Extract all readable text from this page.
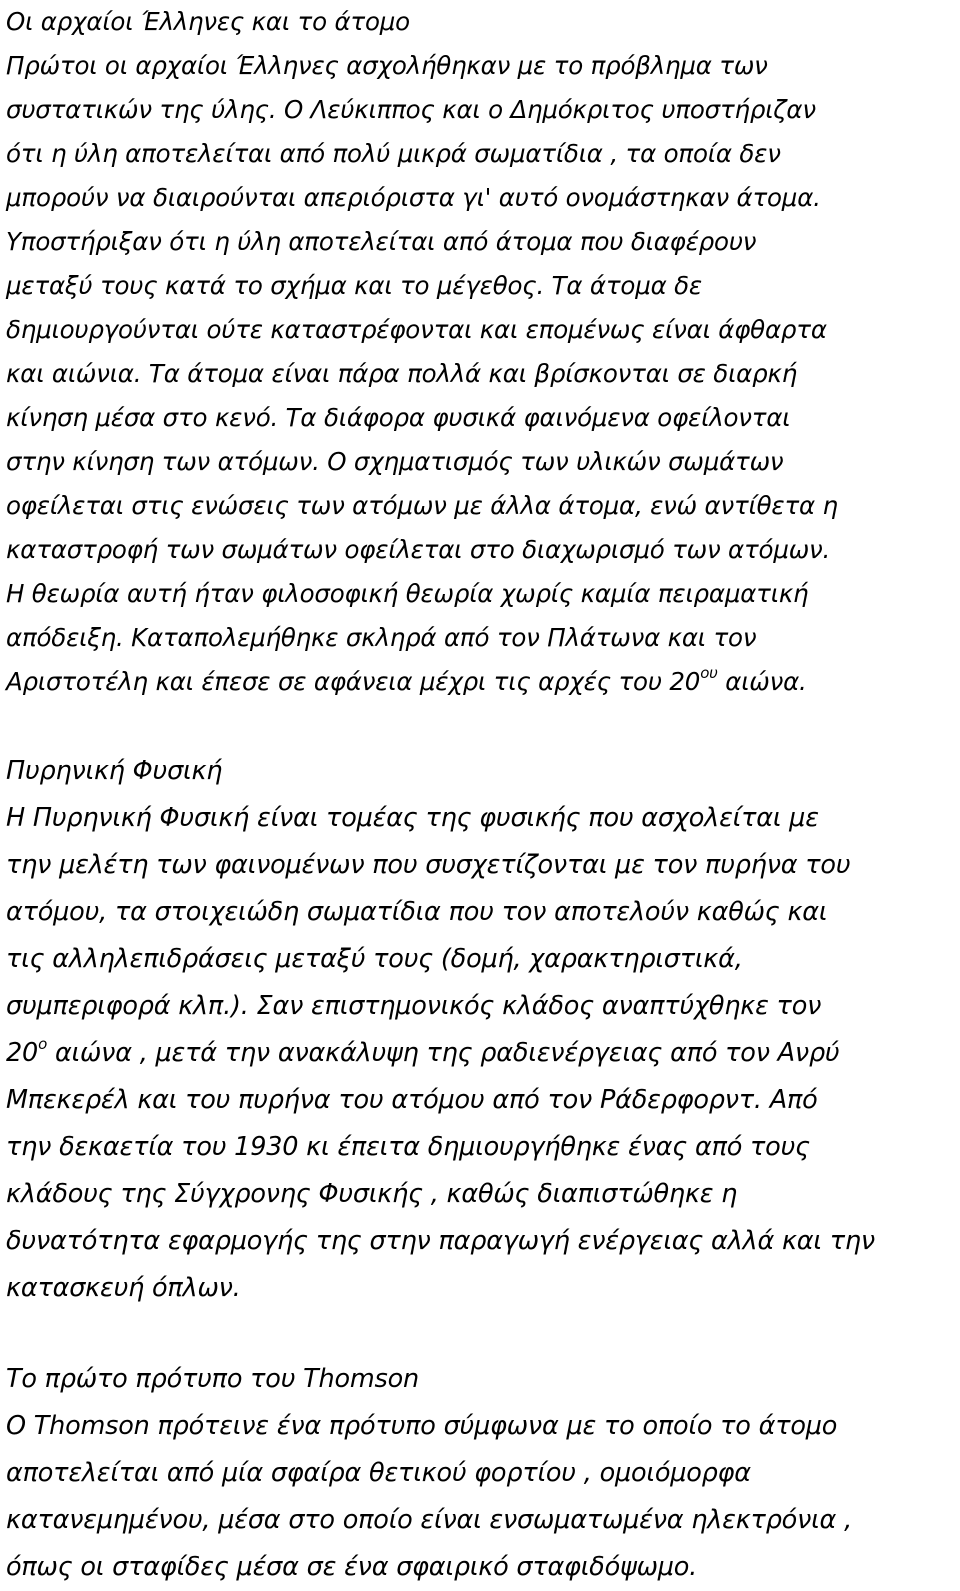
Οι αρχαίοι Έλληνες και το άτομο
Πρώτοι οι αρχαίοι Έλληνες ασχολήθηκαν με το πρόβλημα των
συστατικών της ύλης. Ο Λεύκιππος και ο Δημόκριτος υποστήριζαν
ότι η ύλη αποτελείται από πολύ μικρά σωματίδια , τα οποία δεν
μπορούν να διαιρούνται απεριόριστα γι' αυτό ονομάστηκαν άτομα.
Υποστήριξαν ότι η ύλη αποτελείται από άτομα που διαφέρουν
μεταξύ τους κατά το σχήμα και το μέγεθος. Τα άτομα δε
δημιουργούνται ούτε καταστρέφονται και επομένως είναι άφθαρτα
και αιώνια. Τα άτομα είναι πάρα πολλά και βρίσκονται σε διαρκή
κίνηση μέσα στο κενό. Τα διάφορα φυσικά φαινόμενα οφείλονται
στην κίνηση των ατόμων. Ο σχηματισμός των υλικών σωμάτων
οφείλεται στις ενώσεις των ατόμων με άλλα άτομα, ενώ αντίθετα η
καταστροφή των σωμάτων οφείλεται στο διαχωρισμό των ατόμων.
Η θεωρία αυτή ήταν φιλοσοφική θεωρία χωρίς καμία πειραματική
απόδειξη. Καταπολεμήθηκε σκληρά από τον Πλάτωνα και τον
Αριστοτέλη και έπεσε σε αφάνεια μέχρι τις αρχές του $20^{o\upsilon}$ αιώνα.
Πυρηνική Φυσική
Η Πυρηνική Φυσική είναι τομέας της φυσικής που ασχολείται με
την μελέτη των φαινομένων που συσχετίζονται με τον πυρήνα του
ατόμου, τα στοιχειώδη σωματίδια που τον αποτελούν καθώς και
τις αλληλεπιδράσεις μεταξύ τους (δομή, χαρακτηριστικά,
συμπεριφορά κλπ.). Σαν επιστημονικός κλάδος αναπτύχθηκε τον
$20^o$ αιώνα , μετά την ανακάλυψη της ραδιενέργειας από τον Ανρύ
Μπεκερέλ και του πυρήνα του ατόμου από τον Ράδερφορντ. Από
την δεκαετία του 1930 κι έπειτα δημιουργήθηκε ένας από τους
κλάδους της Σύγχρονης Φυσικής , καθώς διαπιστώθηκε η
δυνατότητα εφαρμογής της στην παραγωγή ενέργειας αλλά και την
κατασκευή όπλων.
Το πρώτο πρότυπο του Thomson
Ο Thomson πρότεινε ένα πρότυπο σύμφωνα με το οποίο το άτομο
αποτελείται από μία σφαίρα θετικού φορτίου , ομοιόμορφα
κατανεμημένου, μέσα στο οποίο είναι ενσωματωμένα ηλεκτρόνια ,
όπως οι σταφίδες μέσα σε ένα σφαιρικό σταφιδόψωμο.
